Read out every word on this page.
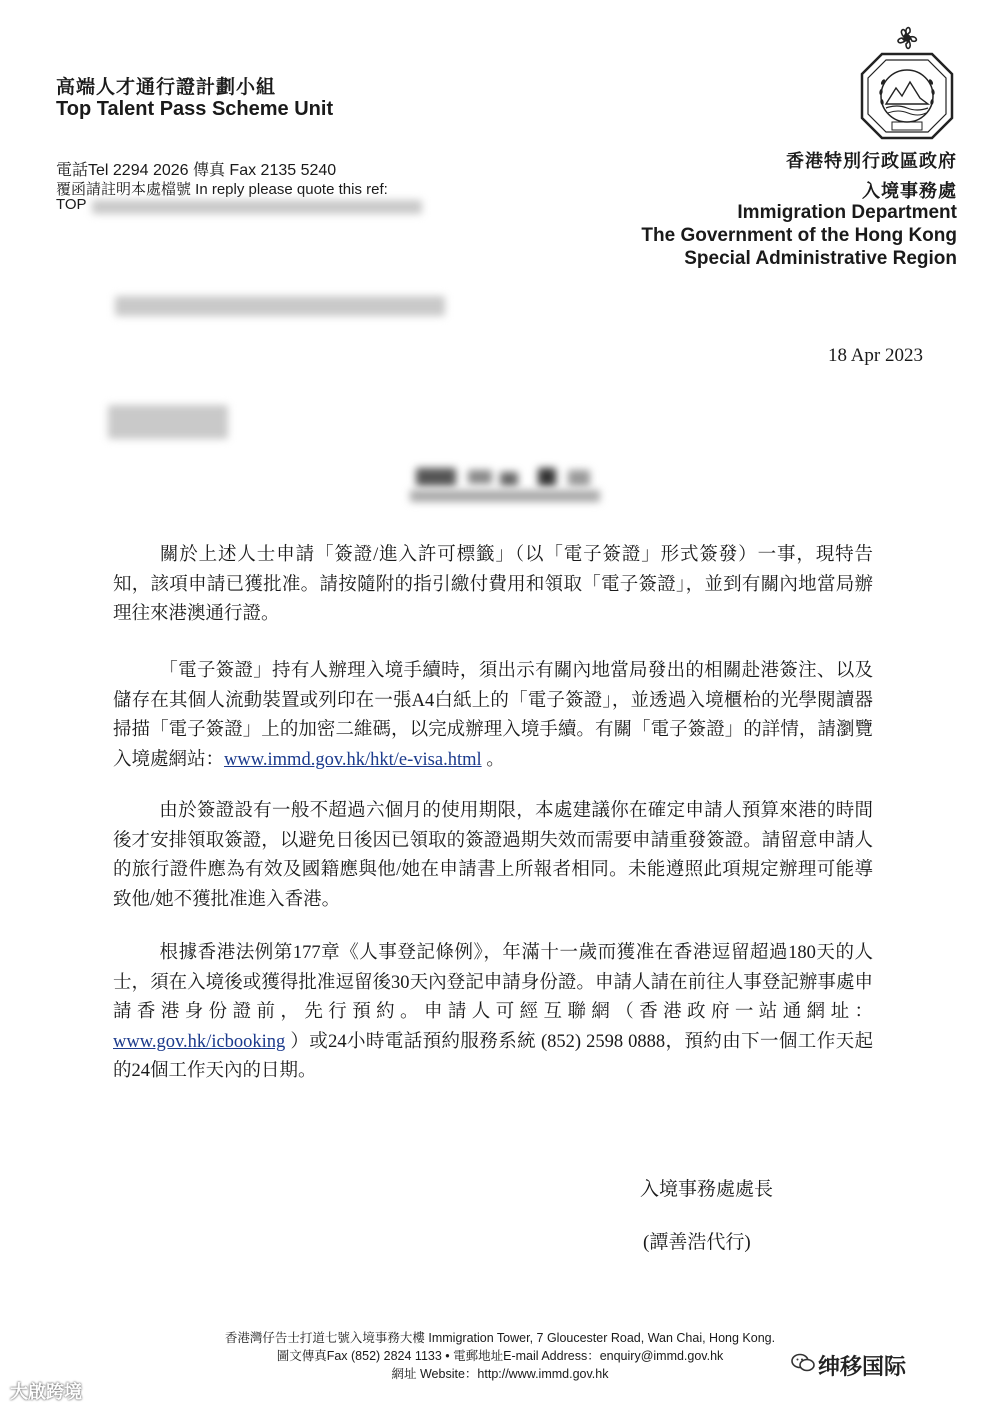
高端人才通行證計劃小組
Top Talent Pass Scheme Unit
電話Tel 2294 2026 傳真 Fax 2135 5240
覆函請註明本處檔號 In reply please quote this ref:
TOP
香港特別行政區政府
入境事務處
Immigration Department
The Government of the Hong Kong
Special Administrative Region
18 Apr 2023
關於上述人士申請「簽證/進入許可標籤」（以「電子簽證」形式簽發）一事，現特告知，該項申請已獲批准。請按隨附的指引繳付費用和領取「電子簽證」，並到有關內地當局辦理往來港澳通行證。
「電子簽證」持有人辦理入境手續時，須出示有關內地當局發出的相關赴港簽注、以及儲存在其個人流動裝置或列印在一張A4白紙上的「電子簽證」，並透過入境櫃枱的光學閱讀器掃描「電子簽證」上的加密二維碼，以完成辦理入境手續。有關「電子簽證」的詳情，請瀏覽入境處網站：www.immd.gov.hk/hkt/e-visa.html 。
由於簽證設有一般不超過六個月的使用期限，本處建議你在確定申請人預算來港的時間後才安排領取簽證，以避免日後因已領取的簽證過期失效而需要申請重發簽證。請留意申請人的旅行證件應為有效及國籍應與他/她在申請書上所報者相同。未能遵照此項規定辦理可能導致他/她不獲批准進入香港。
根據香港法例第177章《人事登記條例》，年滿十一歲而獲准在香港逗留超過180天的人士，須在入境後或獲得批准逗留後30天內登記申請身份證。申請人請在前往人事登記辦事處申請香港身份證前，先行預約。申請人可經互聯網（香港政府一站通網址：www.gov.hk/icbooking ）或24小時電話預約服務系統 (852) 2598 0888，預約由下一個工作天起的24個工作天內的日期。
入境事務處處長
(譚善浩代行)
香港灣仔告士打道七號入境事務大樓 Immigration Tower, 7 Gloucester Road, Wan Chai, Hong Kong.
圖文傳真Fax (852) 2824 1133 • 電郵地址E-mail Address：enquiry@immd.gov.hk
網址 Website：http://www.immd.gov.hk
大啟跨境
绅移国际
